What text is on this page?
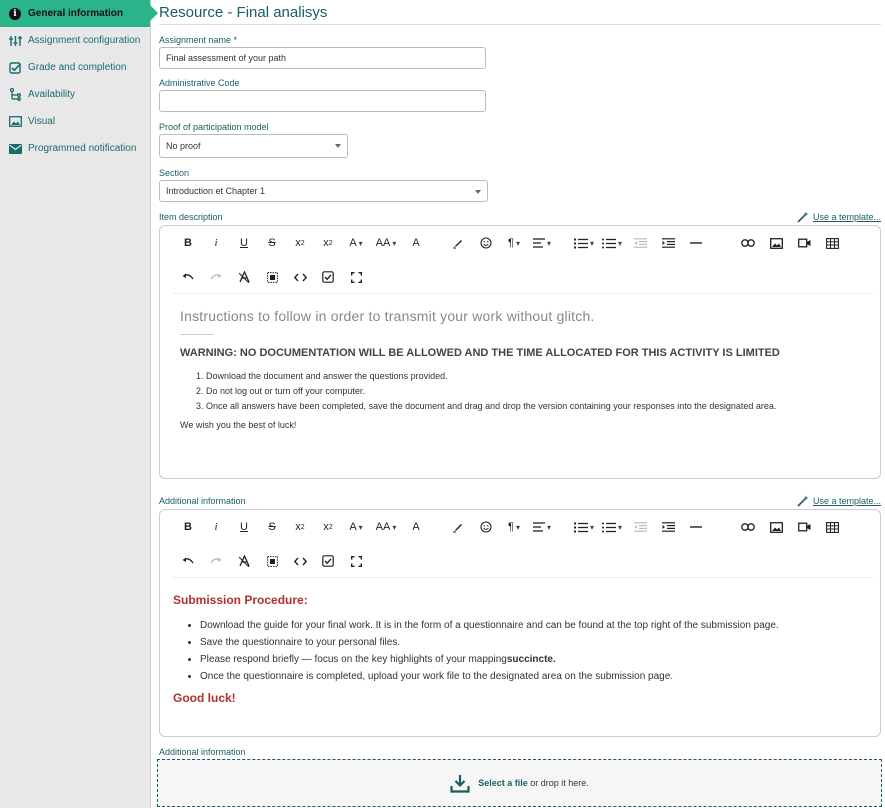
i	General information
Assignment configuration
Grade and completion
Availability
Visual
Programmed notification
Resource - Final analisys
Assignment name *
Final assessment of your path
Administrative Code
Proof of participation model
No proof
Section
Introduction et Chapter 1
Item description	Use a template...
B	i	U	S	x 2 x 2 A ▾ AA ▾ A	¶ ▾	▾	▾	▾
Instructions to follow in order to transmit your work without glitch.
WARNING: NO DOCUMENTATION WILL BE ALLOWED AND THE TIME ALLOCATED FOR THIS ACTIVITY IS LIMITED
1. Download the document and answer the questions provided.
2. Do not log out or turn off your computer.
3. Once all answers have been completed, save the document and drag and drop the version containing your responses into the designated area.
We wish you the best of luck!
Additional information	Use a template...
B	i	U	S	x 2 x 2 A ▾ AA ▾ A	¶ ▾	▾	▾	▾
Submission Procedure:
• Download the guide for your final work. It is in the form of a questionnaire and can be found at the top right of the submission page.
• Save the questionnaire to your personal files.
• Please respond briefly — focus on the key highlights of your mappingsuccincte.
• Once the questionnaire is completed, upload your work file to the designated area on the submission page.
Good luck!
Additional information
Select a file or drop it here.
